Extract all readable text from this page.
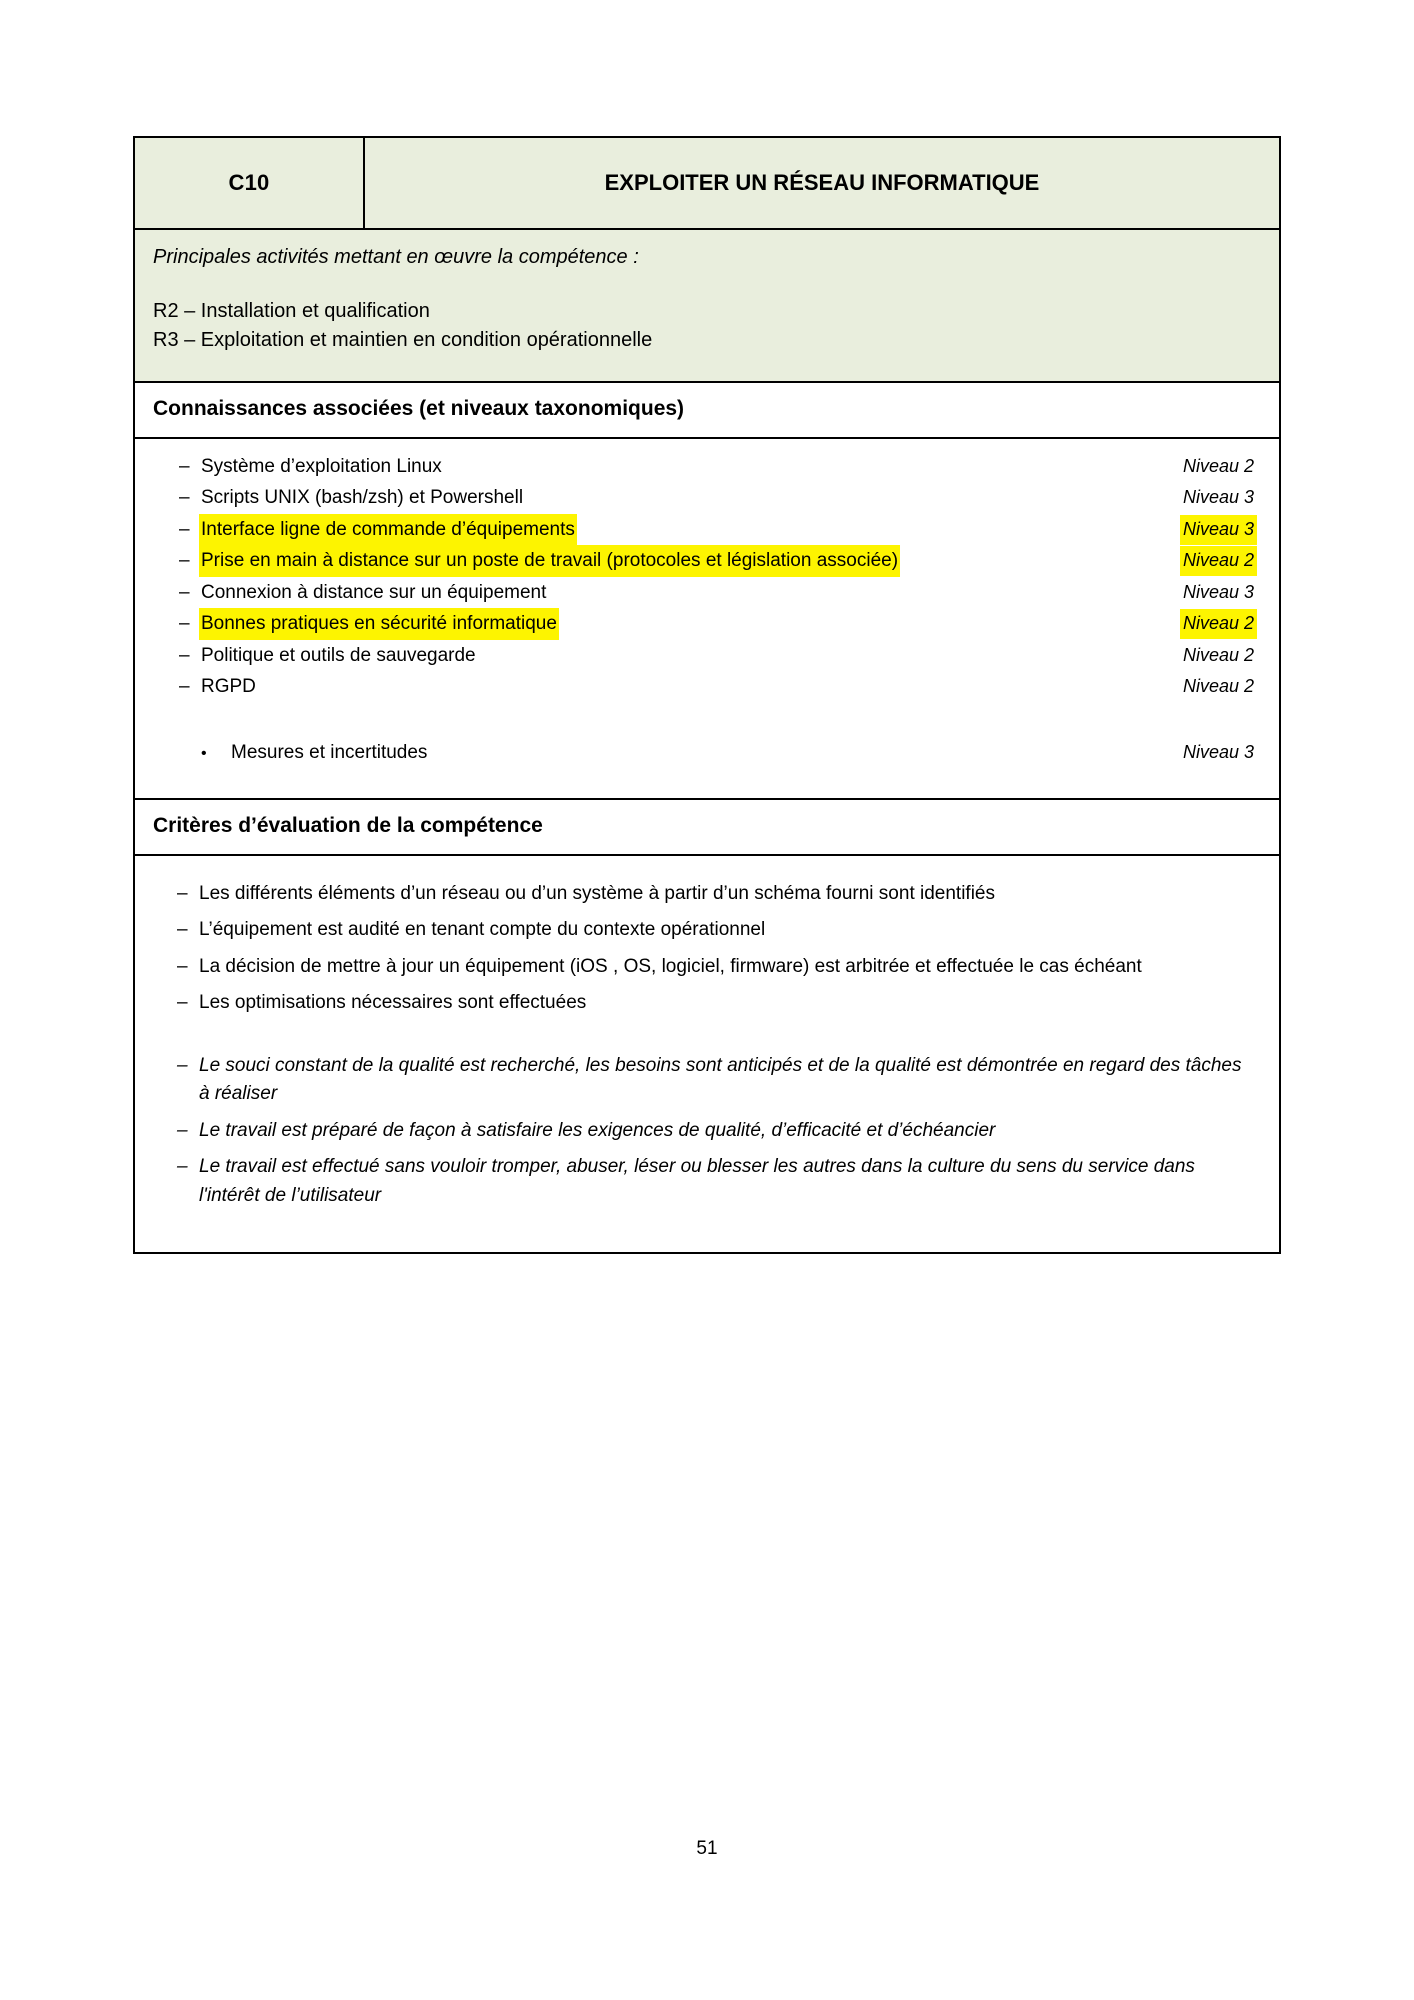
C10	EXPLOITER UN RÉSEAU INFORMATIQUE
Principales activités mettant en œuvre la compétence :
R2 – Installation et qualification
R3 – Exploitation et maintien en condition opérationnelle
Connaissances associées (et niveaux taxonomiques)
– Système d’exploitation Linux	Niveau 2
– Scripts UNIX (bash/zsh) et Powershell	Niveau 3
– Interface ligne de commande d’équipements	Niveau 3
– Prise en main à distance sur un poste de travail (protocoles et législation associée)	Niveau 2
– Connexion à distance sur un équipement	Niveau 3
– Bonnes pratiques en sécurité informatique	Niveau 2
– Politique et outils de sauvegarde	Niveau 2
– RGPD	Niveau 2
•	Mesures et incertitudes	Niveau 3
Critères d’évaluation de la compétence
– Les différents éléments d’un réseau ou d’un système à partir d’un schéma fourni sont identifiés
– L’équipement est audité en tenant compte du contexte opérationnel
– La décision de mettre à jour un équipement (iOS , OS, logiciel, firmware) est arbitrée et effectuée le cas échéant
– Les optimisations nécessaires sont effectuées
– Le souci constant de la qualité est recherché, les besoins sont anticipés et de la qualité est démontrée en regard des tâches à réaliser
– Le travail est préparé de façon à satisfaire les exigences de qualité, d’efficacité et d’échéancier
– Le travail est effectué sans vouloir tromper, abuser, léser ou blesser les autres dans la culture du sens du service dans l'intérêt de l’utilisateur
51
